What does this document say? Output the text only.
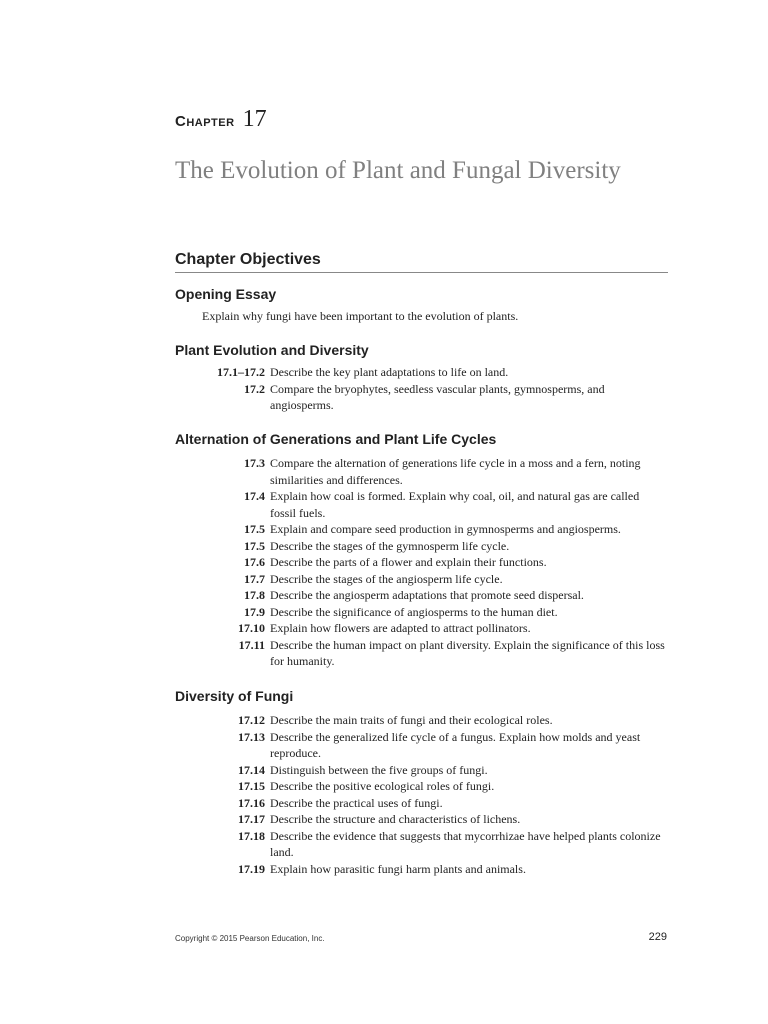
Chapter 17
The Evolution of Plant and Fungal Diversity
Chapter Objectives
Opening Essay
Explain why fungi have been important to the evolution of plants.
Plant Evolution and Diversity
17.1–17.2 Describe the key plant adaptations to life on land.
17.2 Compare the bryophytes, seedless vascular plants, gymnosperms, and angiosperms.
Alternation of Generations and Plant Life Cycles
17.3 Compare the alternation of generations life cycle in a moss and a fern, noting similarities and differences.
17.4 Explain how coal is formed. Explain why coal, oil, and natural gas are called fossil fuels.
17.5 Explain and compare seed production in gymnosperms and angiosperms.
17.5 Describe the stages of the gymnosperm life cycle.
17.6 Describe the parts of a flower and explain their functions.
17.7 Describe the stages of the angiosperm life cycle.
17.8 Describe the angiosperm adaptations that promote seed dispersal.
17.9 Describe the significance of angiosperms to the human diet.
17.10 Explain how flowers are adapted to attract pollinators.
17.11 Describe the human impact on plant diversity. Explain the significance of this loss for humanity.
Diversity of Fungi
17.12 Describe the main traits of fungi and their ecological roles.
17.13 Describe the generalized life cycle of a fungus. Explain how molds and yeast reproduce.
17.14 Distinguish between the five groups of fungi.
17.15 Describe the positive ecological roles of fungi.
17.16 Describe the practical uses of fungi.
17.17 Describe the structure and characteristics of lichens.
17.18 Describe the evidence that suggests that mycorrhizae have helped plants colonize land.
17.19 Explain how parasitic fungi harm plants and animals.
Copyright © 2015 Pearson Education, Inc.	229
